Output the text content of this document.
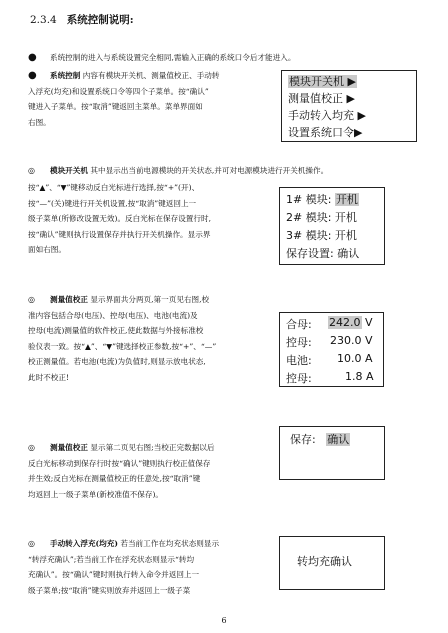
2.3.4 系统控制说明:
● 系统控制的进入与系统设置完全相同,需输入正确的系统口令后才能进入。
● 系统控制 内容有模块开关机、测量值校正、手动转
入浮充(均充)和设置系统口令等四个子菜单。按“确认”
键进入子菜单。按“取消”键返回主菜单。菜单界面如
右图。
模块开关机 ▶
测量值校正 ▶
手动转入均充 ▶
设置系统口令▶
◎ 模块开关机 其中显示出当前电源模块的开关状态,并可对电源模块进行开关机操作。
按“▲”、“▼”键移动反白光标进行选择,按“+”(开)、
按“—”(关)键进行开关机设置,按“取消”键返回上一
级子菜单(所修改设置无效)。反白光标在保存设置行时,
按“确认”键则执行设置保存并执行开关机操作。显示界
面如右图。
1# 模块: 开机
2# 模块: 开机
3# 模块: 开机
保存设置: 确认
◎ 测量值校正 显示界面共分两页,第一页见右图,校
准内容包括合母(电压)、控母(电压)、电池(电流)及
控母(电流)测量值的软件校正,使此数据与外接标准校
验仪表一致。按“▲”、“▼”键选择校正参数,按“+”、“—”
校正测量值。若电池(电流)为负值时,则显示放电状态,
此时不校正!
合母: 242.0 V
控母: 230.0 V
电池: 10.0 A
控母:	1.8 A
◎ 测量值校正 显示第二页见右图;当校正完数据以后
反白光标移动到保存行时按“确认”键则执行校正值保存
并生效;反白光标在测量值校正的任意处,按“取消”键
均返回上一级子菜单(新校准值不保存)。
保存: 确认
◎ 手动转入浮充(均充) 若当前工作在均充状态则显示
“转浮充确认”;若当前工作在浮充状态则显示“转均
充确认”。按“确认”键时则执行转入命令并返回上一
级子菜单;按“取消”键实则放弃并返回上一级子菜
转均充确认
6
